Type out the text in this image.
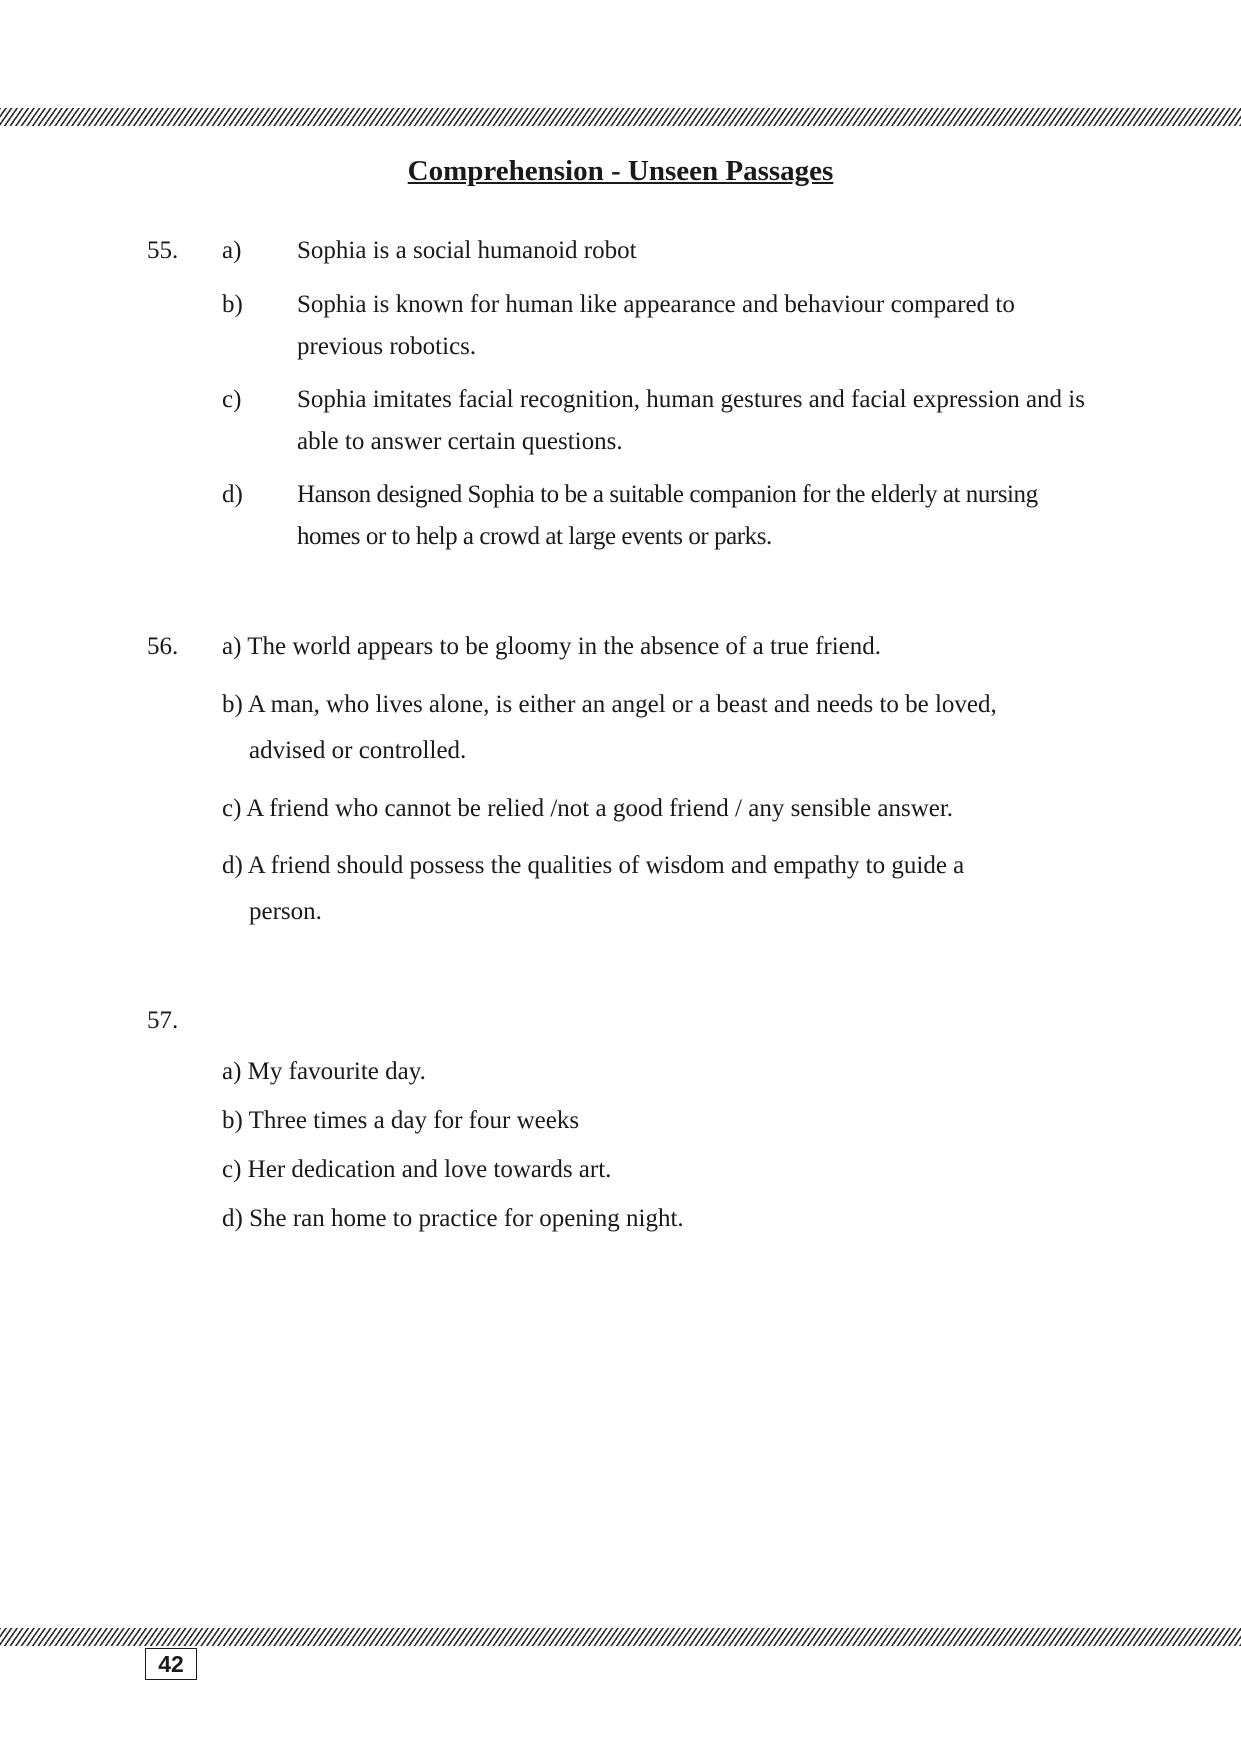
Comprehension - Unseen Passages
55. a) Sophia is a social humanoid robot
b) Sophia is known for human like appearance and behaviour compared to previous robotics.
c) Sophia imitates facial recognition, human gestures and facial expression and is able to answer certain questions.
d) Hanson designed Sophia to be a suitable companion for the elderly at nursing homes or to help a crowd at large events or parks.
56. a) The world appears to be gloomy in the absence of a true friend.
b) A man, who lives alone, is either an angel or a beast and needs to be loved,
advised or controlled.
c) A friend who cannot be relied /not a good friend / any sensible answer.
d) A friend should possess the qualities of wisdom and empathy to guide a
person.
57.
a) My favourite day.
b) Three times a day for four weeks
c) Her dedication and love towards art.
d) She ran home to practice for opening night.
42
